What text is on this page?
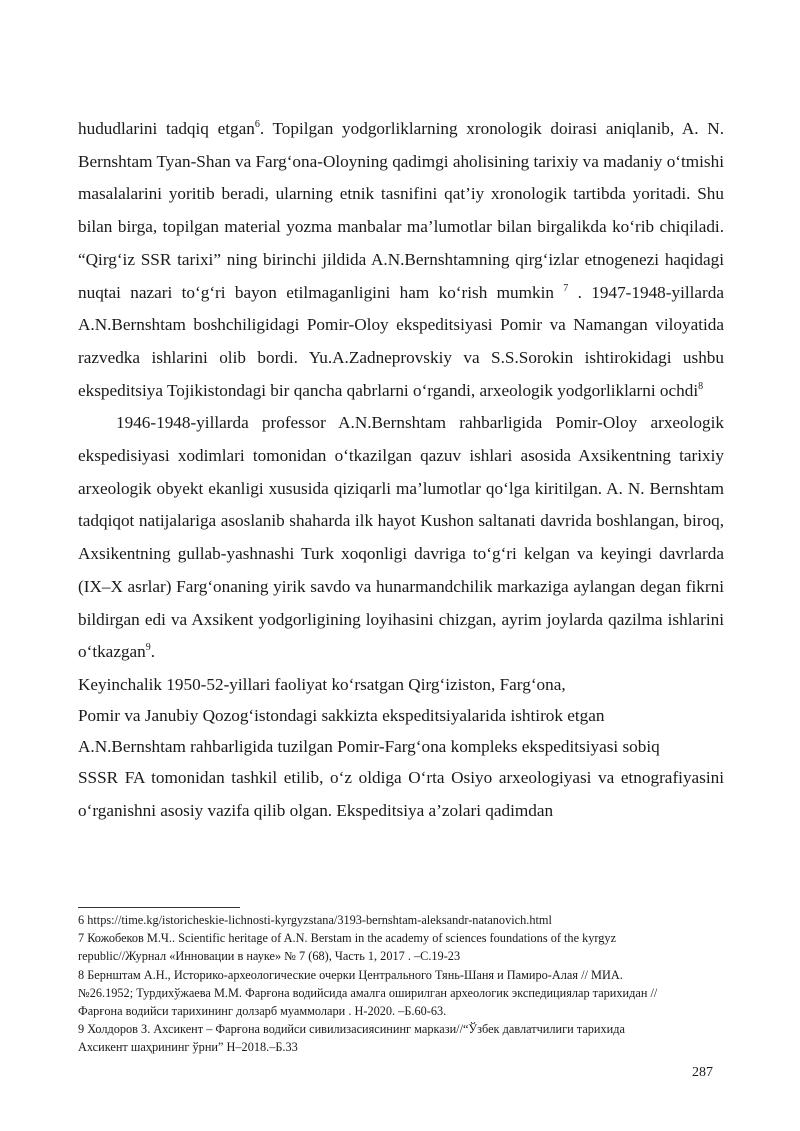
hududlarini tadqiq etgan$^6$. Topilgan yodgorliklarning xronologik doirasi aniqlanib, A. N. Bernshtam Tyan-Shan va Farg‘ona-Oloyning qadimgi aholisining tarixiy va madaniy o‘tmishi masalalarini yoritib beradi, ularning etnik tasnifini qat’iy xronologik tartibda yoritadi. Shu bilan birga, topilgan material yozma manbalar ma’lumotlar bilan birgalikda ko‘rib chiqiladi. “Qirg‘iz SSR tarixi” ning birinchi jildida A.N.Bernshtamning qirg‘izlar etnogenezi haqidagi nuqtai nazari to‘g‘ri bayon etilmaganligini ham ko‘rish mumkin $^7$ . 1947-1948-yillarda A.N.Bernshtam boshchiligidagi Pomir-Oloy ekspeditsiyasi Pomir va Namangan viloyatida razvedka ishlarini olib bordi. Yu.A.Zadneprovskiy va S.S.Sorokin ishtirokidagi ushbu ekspeditsiya Tojikistondagi bir qancha qabrlarni o‘rgandi, arxeologik yodgorliklarni ochdi$^8$

1946-1948-yillarda professor A.N.Bernshtam rahbarligida Pomir-Oloy arxeologik ekspedisiyasi xodimlari tomonidan o‘tkazilgan qazuv ishlari asosida Axsikentning tarixiy arxeologik obyekt ekanligi xususida qiziqarli ma’lumotlar qo‘lga kiritilgan. A. N. Bernshtam tadqiqot natijalariga asoslanib shaharda ilk hayot Kushon saltanati davrida boshlangan, biroq, Axsikentning gullab-yashnashi Turk xoqonligi davriga to‘g‘ri kelgan va keyingi davrlarda (IX–X asrlar) Farg‘onaning yirik savdo va hunarmandchilik markaziga aylangan degan fikrni bildirgan edi va Axsikent yodgorligining loyihasini chizgan, ayrim joylarda qazilma ishlarini o‘tkazgan$^9$.

Keyinchalik 1950-52-yillari faoliyat ko‘rsatgan Qirg‘iziston, Farg‘ona,

Pomir va Janubiy Qozog‘istondagi sakkizta ekspeditsiyalarida ishtirok etgan

A.N.Bernshtam rahbarligida tuzilgan Pomir-Farg‘ona kompleks ekspeditsiyasi sobiq

SSSR FA tomonidan tashkil etilib, o‘z oldiga O‘rta Osiyo arxeologiyasi va etnografiyasini o‘rganishni asosiy vazifa qilib olgan. Ekspeditsiya a’zolari qadimdan

6 https://time.kg/istoricheskie-lichnosti-kyrgyzstana/3193-bernshtam-aleksandr-natanovich.html

7 Кожобеков М.Ч.. Scientific heritage of A.N. Berstam in the academy of sciences foundations of the kyrgyz

republic//Журнал «Инновации в науке» № 7 (68), Часть 1, 2017 . –С.19-23

8 Бернштам А.Н., Историко-археологические очерки Центрального Тянь-Шаня и Памиро-Алая // МИА.

№26.1952; Турдиxўжаева М.М. Фарғона водийсида амалга оширилган археологик экспедициялар тарихидан //

Фарғона водийси тарихининг долзарб муаммолари . Н-2020. –Б.60-63.

9 Холдоров З. Ахсикент – Фарғона водийси сивилизасиясининг маркази//“Ўзбек давлатчилиги тарихида

Ахсикент шаҳрининг ўрни” Н–2018.–Б.33

287
